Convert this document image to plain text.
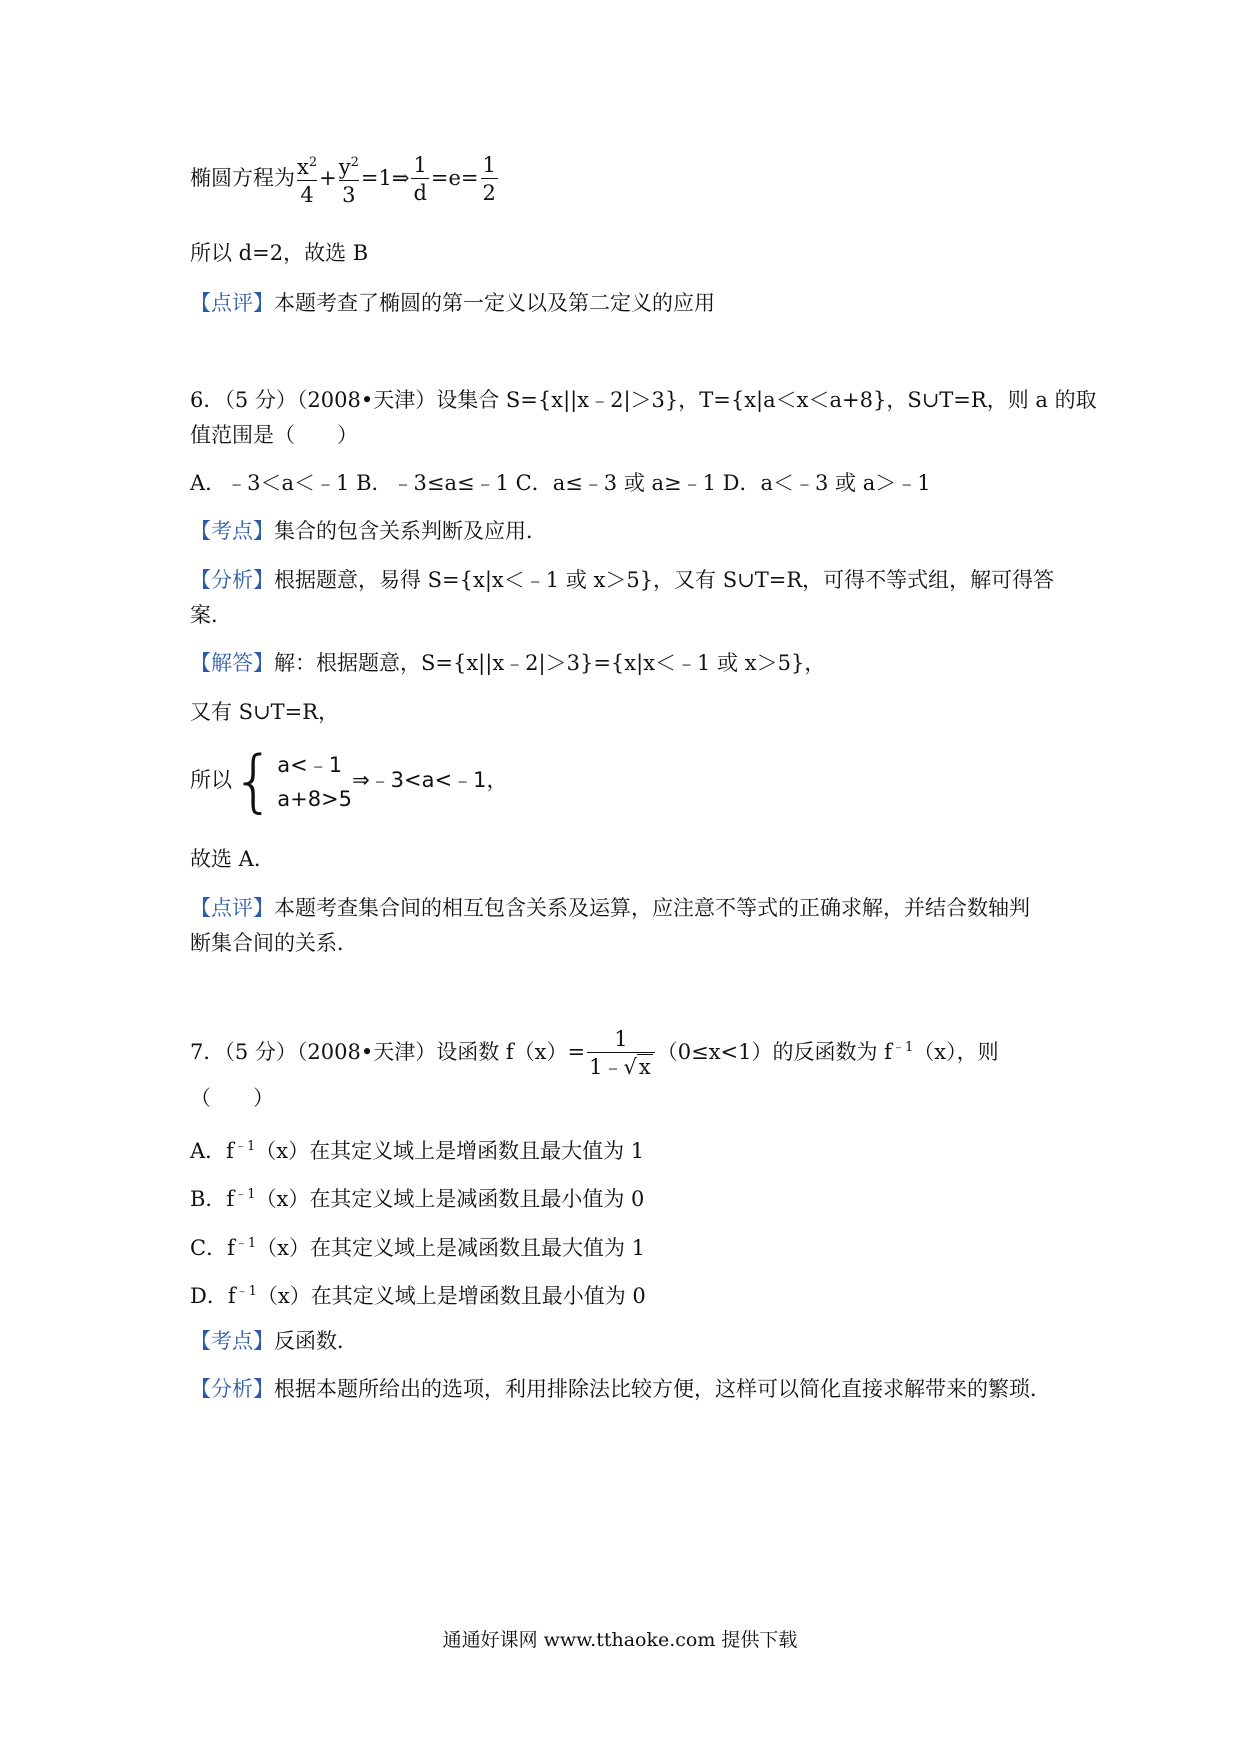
椭圆方程为 $\frac{x^2}{4} + \frac{y^2}{3}$ =1⇒ $\frac{1}{d} =e= \frac{1}{2}$
所以 d=2，故选 B
【点评】本题考查了椭圆的第一定义以及第二定义的应用
6．（5 分）（2008•天津）设集合 S={x||x﹣2|＞3}，T={x|a＜x＜a+8}，S∪T=R，则 a 的取
值范围是（　　）
A．﹣3＜a＜﹣1 B．﹣3≤a≤﹣1 C．a≤﹣3 或 a≥﹣1 D．a＜﹣3 或 a＞﹣1
【考点】集合的包含关系判断及应用．
【分析】根据题意，易得 S={x|x＜﹣1 或 x＞5}，又有 S∪T=R，可得不等式组，解可得答
案．
【解答】解：根据题意，S={x||x﹣2|＞3}={x|x＜﹣1 或 x＞5}，
又有 S∪T=R，
所以 { a<﹣1
a+8>5
⇒﹣3<a<﹣1，
故选 A．
【点评】本题考查集合间的相互包含关系及运算，应注意不等式的正确求解，并结合数轴判
断集合间的关系．
7．（5 分）（2008•天津）设函数 $f(x)= \frac{1}{1﹣√x} (0\le x<1)$的反函数为 $f^{﹣1}(x)$，则
（　　）
A．$f^{﹣1}(x)$在其定义域上是增函数且最大值为 1
B．$f^{﹣1}(x)$在其定义域上是减函数且最小值为 0
C．$f^{﹣1}(x)$在其定义域上是减函数且最大值为 1
D．$f^{﹣1}(x)$在其定义域上是增函数且最小值为 0
【考点】反函数．
【分析】根据本题所给出的选项，利用排除法比较方便，这样可以简化直接求解带来的繁琐．
通通好课网 www.tthaoke.com 提供下载
